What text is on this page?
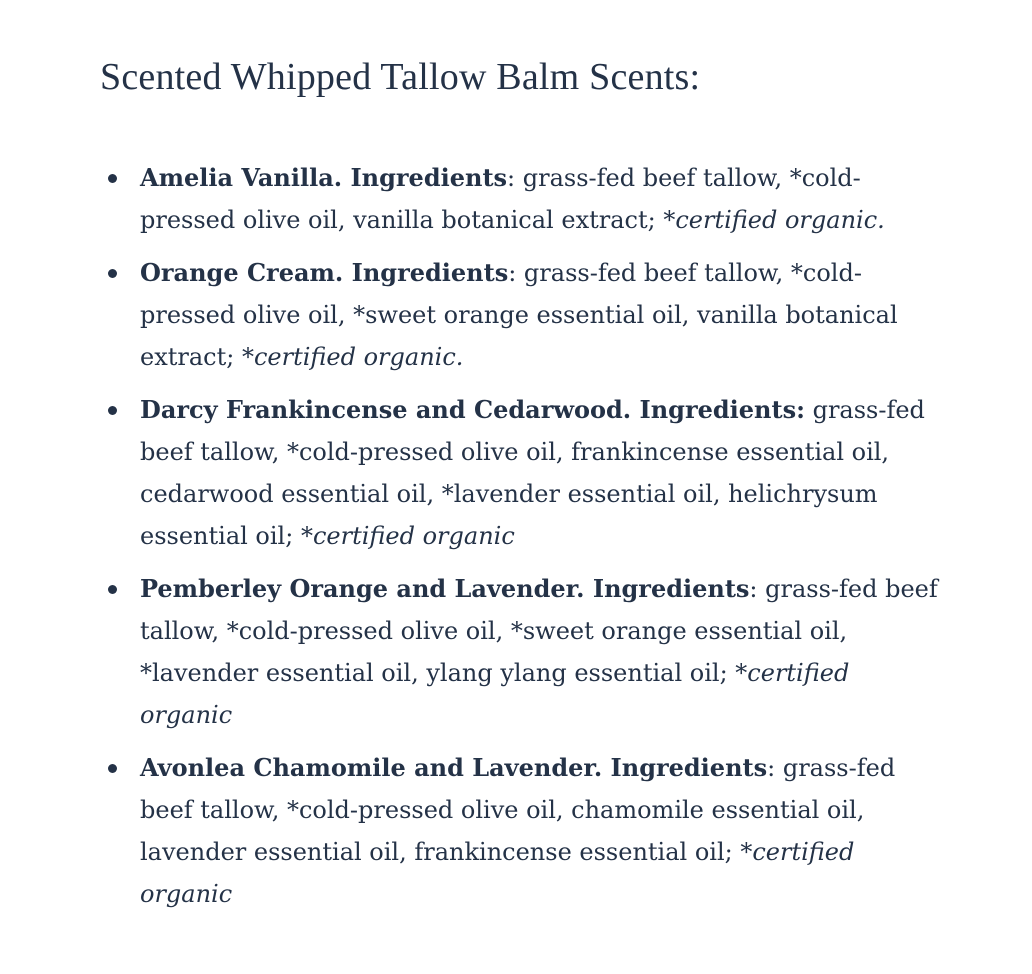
Scented Whipped Tallow Balm Scents:
Amelia Vanilla. Ingredients: grass-fed beef tallow, *cold-pressed olive oil, vanilla botanical extract; *certified organic.
Orange Cream. Ingredients: grass-fed beef tallow, *cold-pressed olive oil, *sweet orange essential oil, vanilla botanical extract; *certified organic.
Darcy Frankincense and Cedarwood. Ingredients: grass-fed beef tallow, *cold-pressed olive oil, frankincense essential oil, cedarwood essential oil, *lavender essential oil, helichrysum essential oil; *certified organic
Pemberley Orange and Lavender. Ingredients: grass-fed beef tallow, *cold-pressed olive oil, *sweet orange essential oil, *lavender essential oil, ylang ylang essential oil; *certified organic
Avonlea Chamomile and Lavender. Ingredients: grass-fed beef tallow, *cold-pressed olive oil, chamomile essential oil, lavender essential oil, frankincense essential oil; *certified organic
